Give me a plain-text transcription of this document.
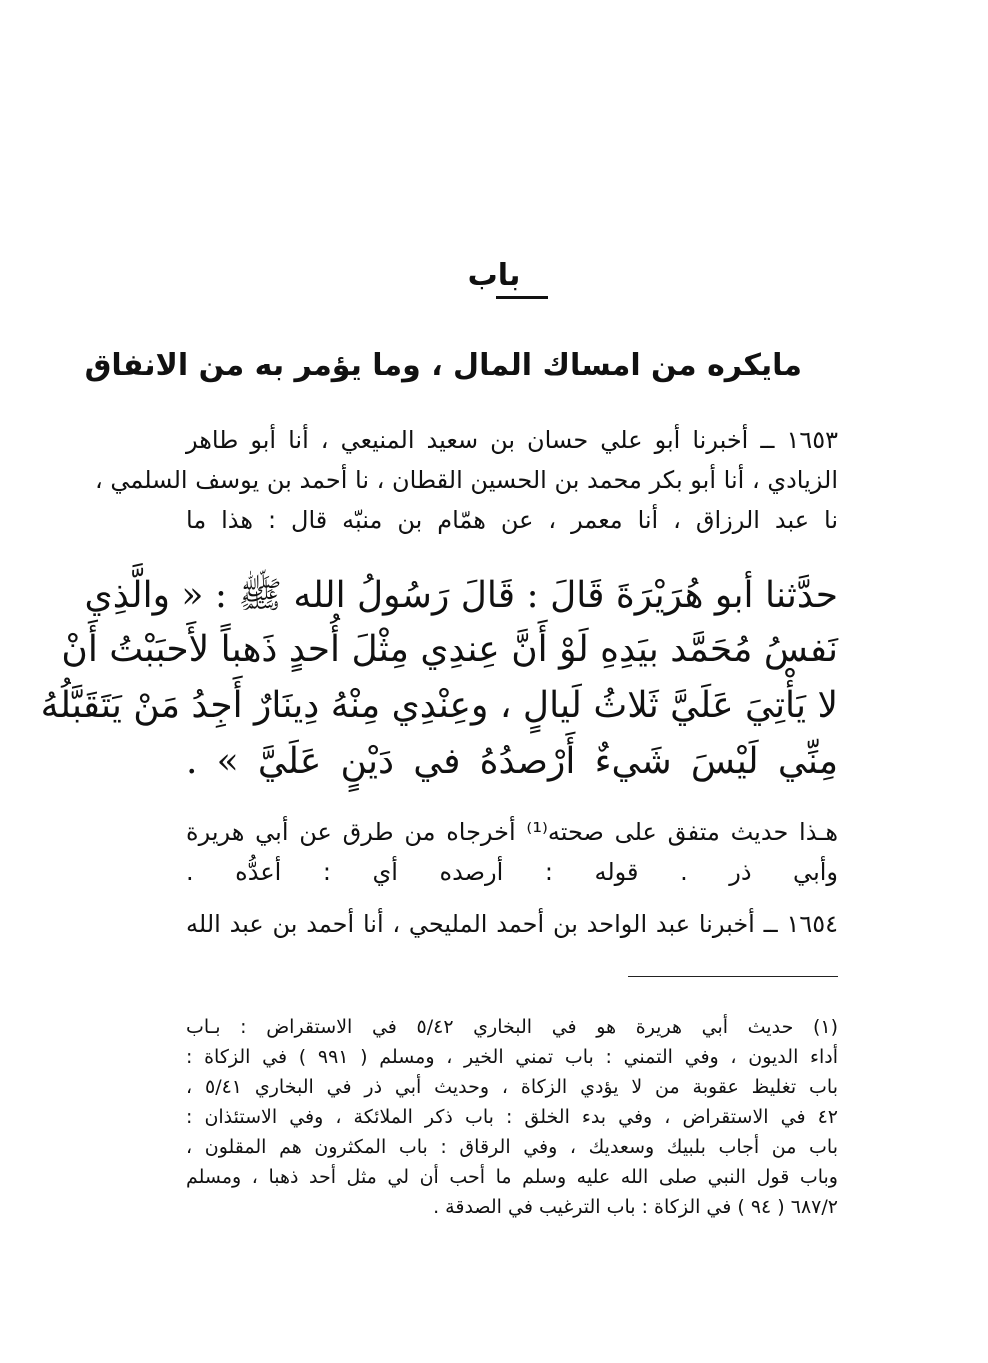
باب
مايكره من امساك المال ، وما يؤمر به من الانفاق
١٦٥٣ ــ أخبرنا أبو علي حسان بن سعيد المنيعي ، أنا أبو طاهر
الزيادي ، أنا أبو بكر محمد بن الحسين القطان ، نا أحمد بن يوسف السلمي ،
نا عبد الرزاق ، أنا معمر ، عن همّام بن منبّه قال : هذا ما
حدَّثنا أبو هُرَيْرَةَ قَالَ : قَالَ رَسُولُ الله ﷺ : « والَّذِي
نَفسُ مُحَمَّد بيَدِهِ لَوْ أَنَّ عِندِي مِثْلَ أُحدٍ ذَهباً لأَحبَبْتُ أَنْ
لا يَأْتِيَ عَلَيَّ ثَلاثُ لَيالٍ ، وعِنْدِي مِنْهُ دِينَارٌ أَجِدُ مَنْ يَتَقَبَّلُهُ
مِنِّي لَيْسَ شَيءٌ أَرْصدُهُ في دَيْنٍ عَلَيَّ » .
هـذا حديث متفق على صحته⁽¹⁾ أخرجاه من طرق عن أبي هريرة
وأبي ذر . قوله : أرصده أي : أعدُّه .
١٦٥٤ ــ أخبرنا عبد الواحد بن أحمد المليحي ، أنا أحمد بن عبد الله
(١) حديث أبي هريرة هو في البخاري ٥/٤٢ في الاستقراض : بـاب
أداء الديون ، وفي التمني : باب تمني الخير ، ومسلم ( ٩٩١ ) في الزكاة :
باب تغليظ عقوبة من لا يؤدي الزكاة ، وحديث أبي ذر في البخاري ٥/٤١ ،
٤٢ في الاستقراض ، وفي بدء الخلق : باب ذكر الملائكة ، وفي الاستئذان :
باب من أجاب بلبيك وسعديك ، وفي الرقاق : باب المكثرون هم المقلون ،
وباب قول النبي صلى الله عليه وسلم ما أحب أن لي مثل أحد ذهبا ، ومسلم
٦٨٧/٢ ( ٩٤ ) في الزكاة : باب الترغيب في الصدقة .
